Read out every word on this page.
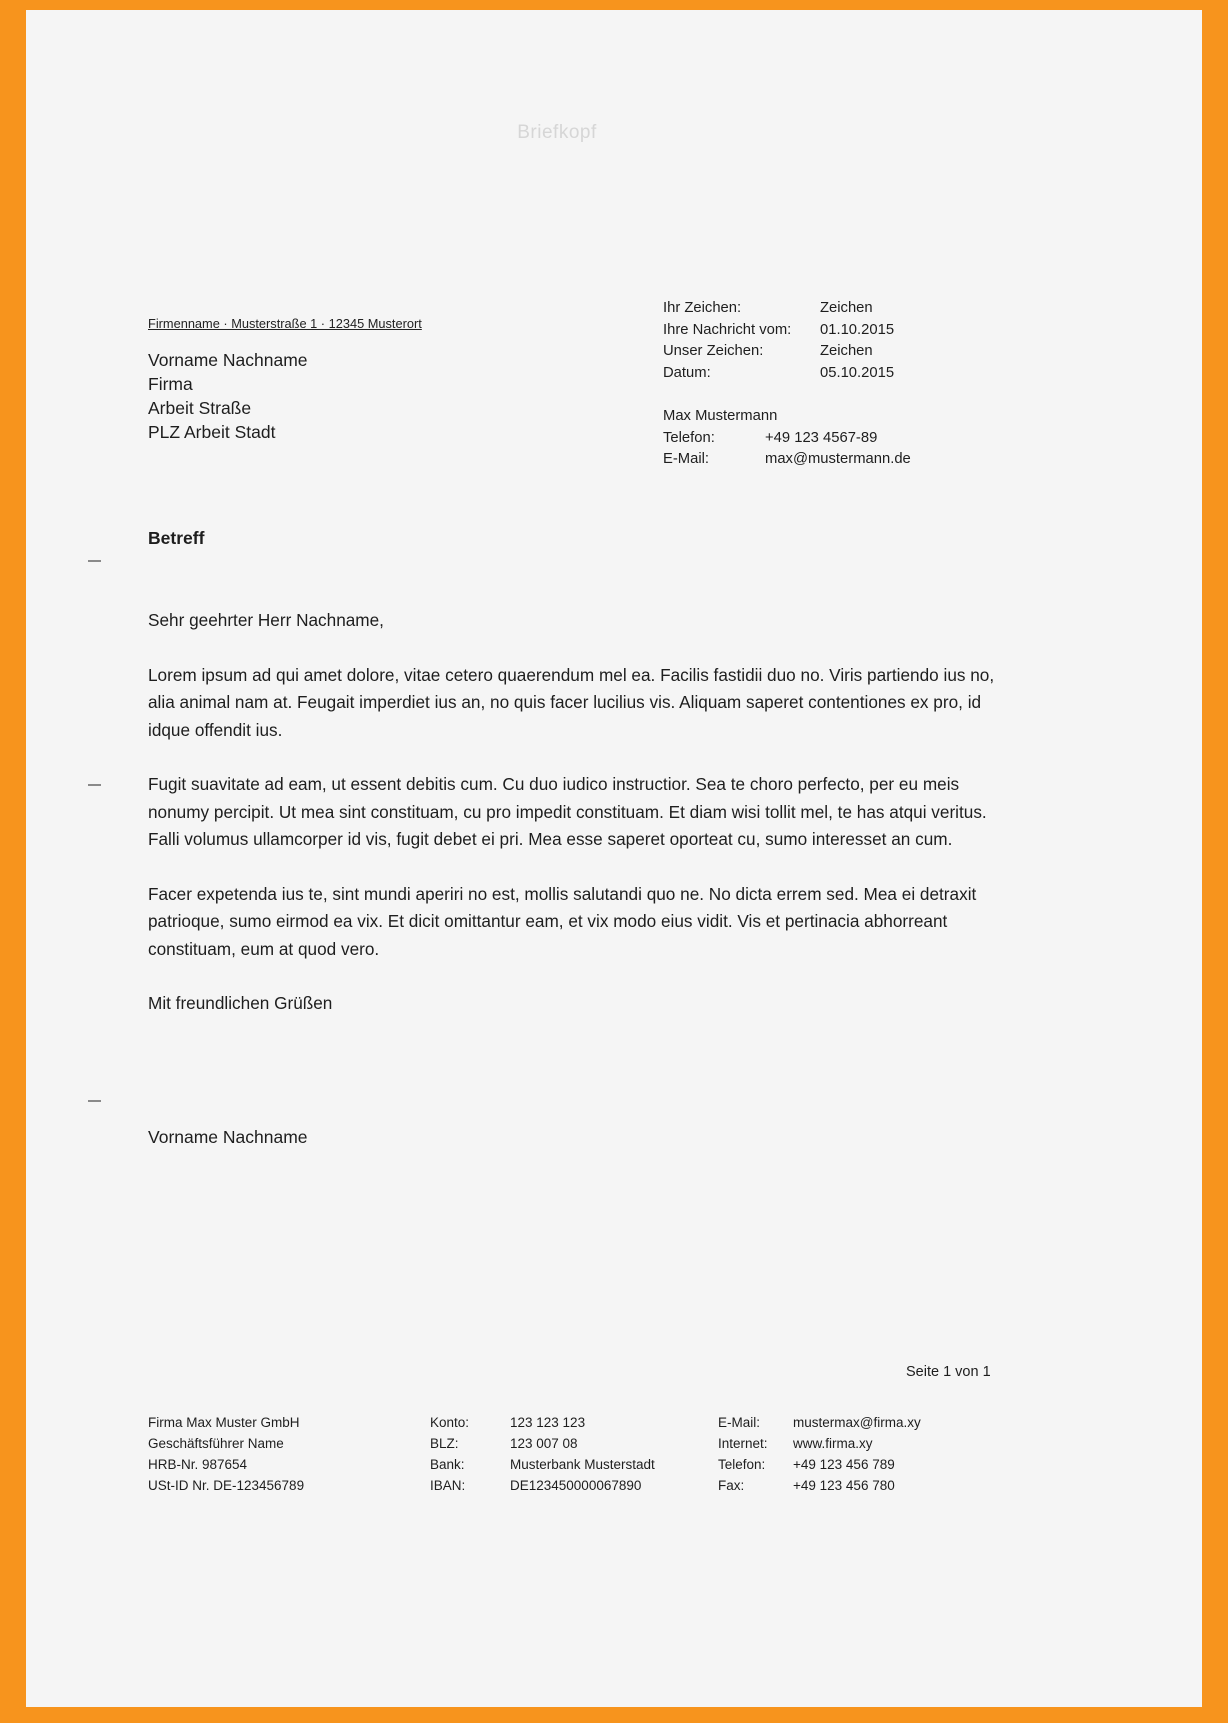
Briefkopf
Firmenname · Musterstraße 1 · 12345 Musterort
Vorname Nachname
Firma
Arbeit Straße
PLZ Arbeit Stadt
Ihr Zeichen:	Zeichen
Ihre Nachricht vom:	01.10.2015
Unser Zeichen:	Zeichen
Datum:	05.10.2015
Max Mustermann
Telefon:	+49 123 4567-89
E-Mail:	max@mustermann.de
Betreff

Sehr geehrter Herr Nachname,

Lorem ipsum ad qui amet dolore, vitae cetero quaerendum mel ea. Facilis fastidii duo no. Viris partiendo ius no, alia animal nam at. Feugait imperdiet ius an, no quis facer lucilius vis. Aliquam saperet contentiones ex pro, id idque offendit ius.

Fugit suavitate ad eam, ut essent debitis cum. Cu duo iudico instructior. Sea te choro perfecto, per eu meis nonumy percipit. Ut mea sint constituam, cu pro impedit constituam. Et diam wisi tollit mel, te has atqui veritus. Falli volumus ullamcorper id vis, fugit debet ei pri. Mea esse saperet oporteat cu, sumo interesset an cum.

Facer expetenda ius te, sint mundi aperiri no est, mollis salutandi quo ne. No dicta errem sed. Mea ei detraxit patrioque, sumo eirmod ea vix. Et dicit omittantur eam, et vix modo eius vidit. Vis et pertinacia abhorreant constituam, eum at quod vero.

Mit freundlichen Grüßen

Vorname Nachname
Seite 1 von 1
Firma Max Muster GmbH
Geschäftsführer Name
HRB-Nr. 987654
USt-ID Nr. DE-123456789
Konto:	123 123 123
BLZ:	123 007 08
Bank:	Musterbank Musterstadt
IBAN:	DE123450000067890
E-Mail:	mustermax@firma.xy
Internet:	www.firma.xy
Telefon:	+49 123 456 789
Fax:	+49 123 456 780
